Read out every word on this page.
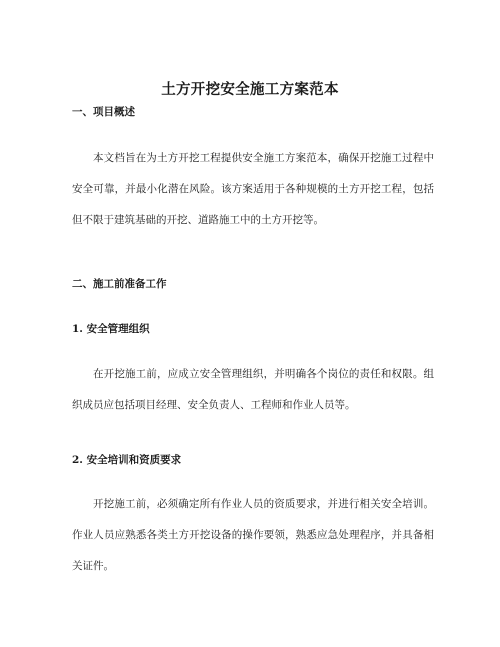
土方开挖安全施工方案范本
一、项目概述

本文档旨在为土方开挖工程提供安全施工方案范本，确保开挖施工过程中安全可靠，并最小化潜在风险。该方案适用于各种规模的土方开挖工程，包括但不限于建筑基础的开挖、道路施工中的土方开挖等。

二、施工前准备工作
1. 安全管理组织

在开挖施工前，应成立安全管理组织，并明确各个岗位的责任和权限。组织成员应包括项目经理、安全负责人、工程师和作业人员等。

2. 安全培训和资质要求

开挖施工前，必须确定所有作业人员的资质要求，并进行相关安全培训。作业人员应熟悉各类土方开挖设备的操作要领，熟悉应急处理程序，并具备相关证件。
